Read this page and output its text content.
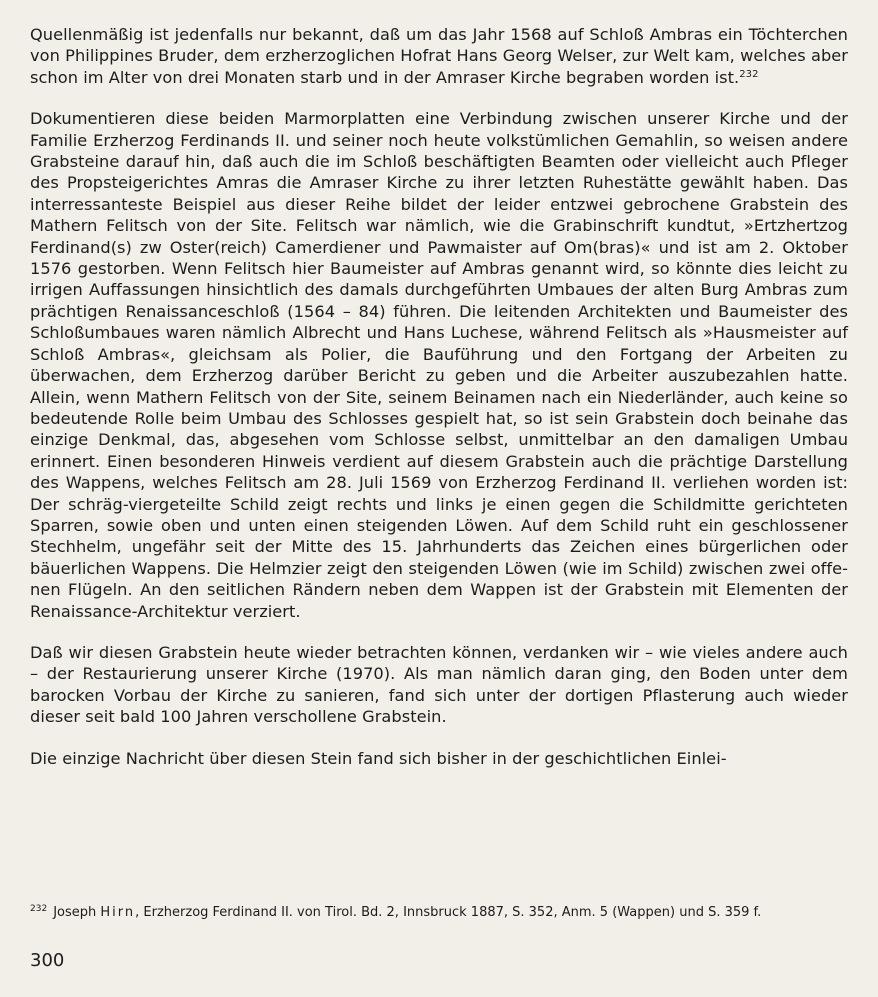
Quellenmäßig ist jedenfalls nur bekannt, daß um das Jahr 1568 auf Schloß Ambras ein Töchterchen von Philippines Bruder, dem erzherzoglichen Hofrat Hans Georg Welser, zur Welt kam, welches aber schon im Alter von drei Monaten starb und in der Amraser Kirche begraben worden ist.$^{232}$

Dokumentieren diese beiden Marmorplatten eine Verbindung zwischen unserer Kirche und der Familie Erzherzog Ferdinands II. und seiner noch heute volkstümlichen Gemahlin, so weisen andere Grabsteine darauf hin, daß auch die im Schloß beschäftigten Beamten oder vielleicht auch Pfleger des Propsteigerichtes Amras die Amraser Kirche zu ihrer letzten Ruhestätte gewählt haben. Das interressanteste Beispiel aus dieser Reihe bildet der leider entzwei gebrochene Grabstein des Mathern Felitsch von der Site. Felitsch war nämlich, wie die Grabinschrift kundtut, »Ertzhertzog Ferdinand(s) zw Oster(reich) Camerdiener und Pawmaister auf Om(bras)« und ist am 2. Oktober 1576 gestorben. Wenn Felitsch hier Baumeister auf Ambras genannt wird, so könnte dies leicht zu irrigen Auffassungen hinsichtlich des damals durchgeführten Umbaues der alten Burg Ambras zum prächtigen Renaissanceschloß (1564 – 84) führen. Die leitenden Architekten und Baumeister des Schloßumbaues waren nämlich Albrecht und Hans Luchese, während Felitsch als »Hausmeister auf Schloß Ambras«, gleichsam als Polier, die Bauführung und den Fortgang der Arbeiten zu überwachen, dem Erzherzog darüber Bericht zu geben und die Arbeiter auszubezahlen hatte. Allein, wenn Mathern Felitsch von der Site, seinem Beinamen nach ein Niederländer, auch keine so bedeutende Rolle beim Umbau des Schlosses gespielt hat, so ist sein Grabstein doch beinahe das einzige Denkmal, das, abgesehen vom Schlosse selbst, unmittelbar an den damaligen Umbau erinnert. Einen besonderen Hinweis verdient auf diesem Grabstein auch die prächtige Darstellung des Wappens, welches Felitsch am 28. Juli 1569 von Erzherzog Ferdinand II. verliehen worden ist: Der schräg-viergeteilte Schild zeigt rechts und links je einen gegen die Schildmitte gerichteten Sparren, sowie oben und unten einen steigenden Löwen. Auf dem Schild ruht ein geschlossener Stechhelm, ungefähr seit der Mitte des 15. Jahrhunderts das Zeichen eines bürgerlichen oder bäuerlichen Wappens. Die Helmzier zeigt den steigenden Löwen (wie im Schild) zwischen zwei offenen Flügeln. An den seitlichen Rändern neben dem Wappen ist der Grabstein mit Elementen der Renaissance-Architektur verziert.

Daß wir diesen Grabstein heute wieder betrachten können, verdanken wir – wie vieles andere auch – der Restaurierung unserer Kirche (1970). Als man nämlich daran ging, den Boden unter dem barocken Vorbau der Kirche zu sanieren, fand sich unter der dortigen Pflasterung auch wieder dieser seit bald 100 Jahren verschollene Grabstein.

Die einzige Nachricht über diesen Stein fand sich bisher in der geschichtlichen Einlei-

$^{232}$ Joseph Hirn, Erzherzog Ferdinand II. von Tirol. Bd. 2, Innsbruck 1887, S. 352, Anm. 5 (Wappen) und S. 359 f.
300
